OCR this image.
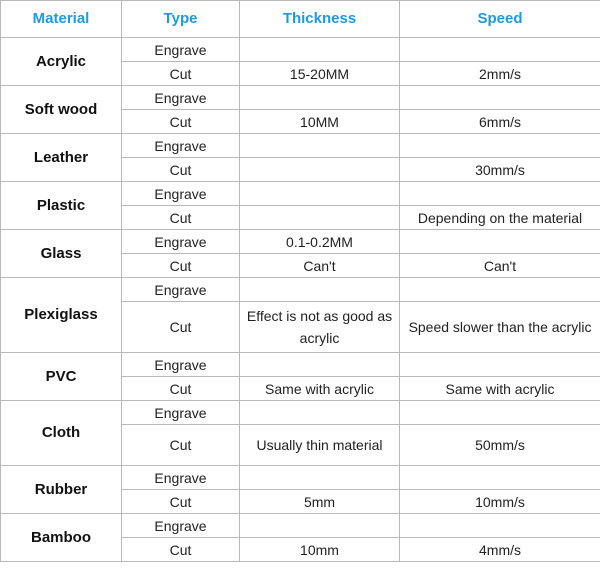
Material	Type	Thickness	Speed
Acrylic	Engrave		
	Cut	15-20MM	2mm/s
Soft wood	Engrave		
	Cut	10MM	6mm/s
Leather	Engrave		
	Cut		30mm/s
Plastic	Engrave		
	Cut		Depending on the material
Glass	Engrave	0.1-0.2MM	
	Cut	Can't	Can't
Plexiglass	Engrave		
	Cut	Effect is not as good as acrylic	Speed slower than the acrylic
PVC	Engrave		
	Cut	Same with acrylic	Same with acrylic
Cloth	Engrave		
	Cut	Usually thin material	50mm/s
Rubber	Engrave		
	Cut	5mm	10mm/s
Bamboo	Engrave		
	Cut	10mm	4mm/s
